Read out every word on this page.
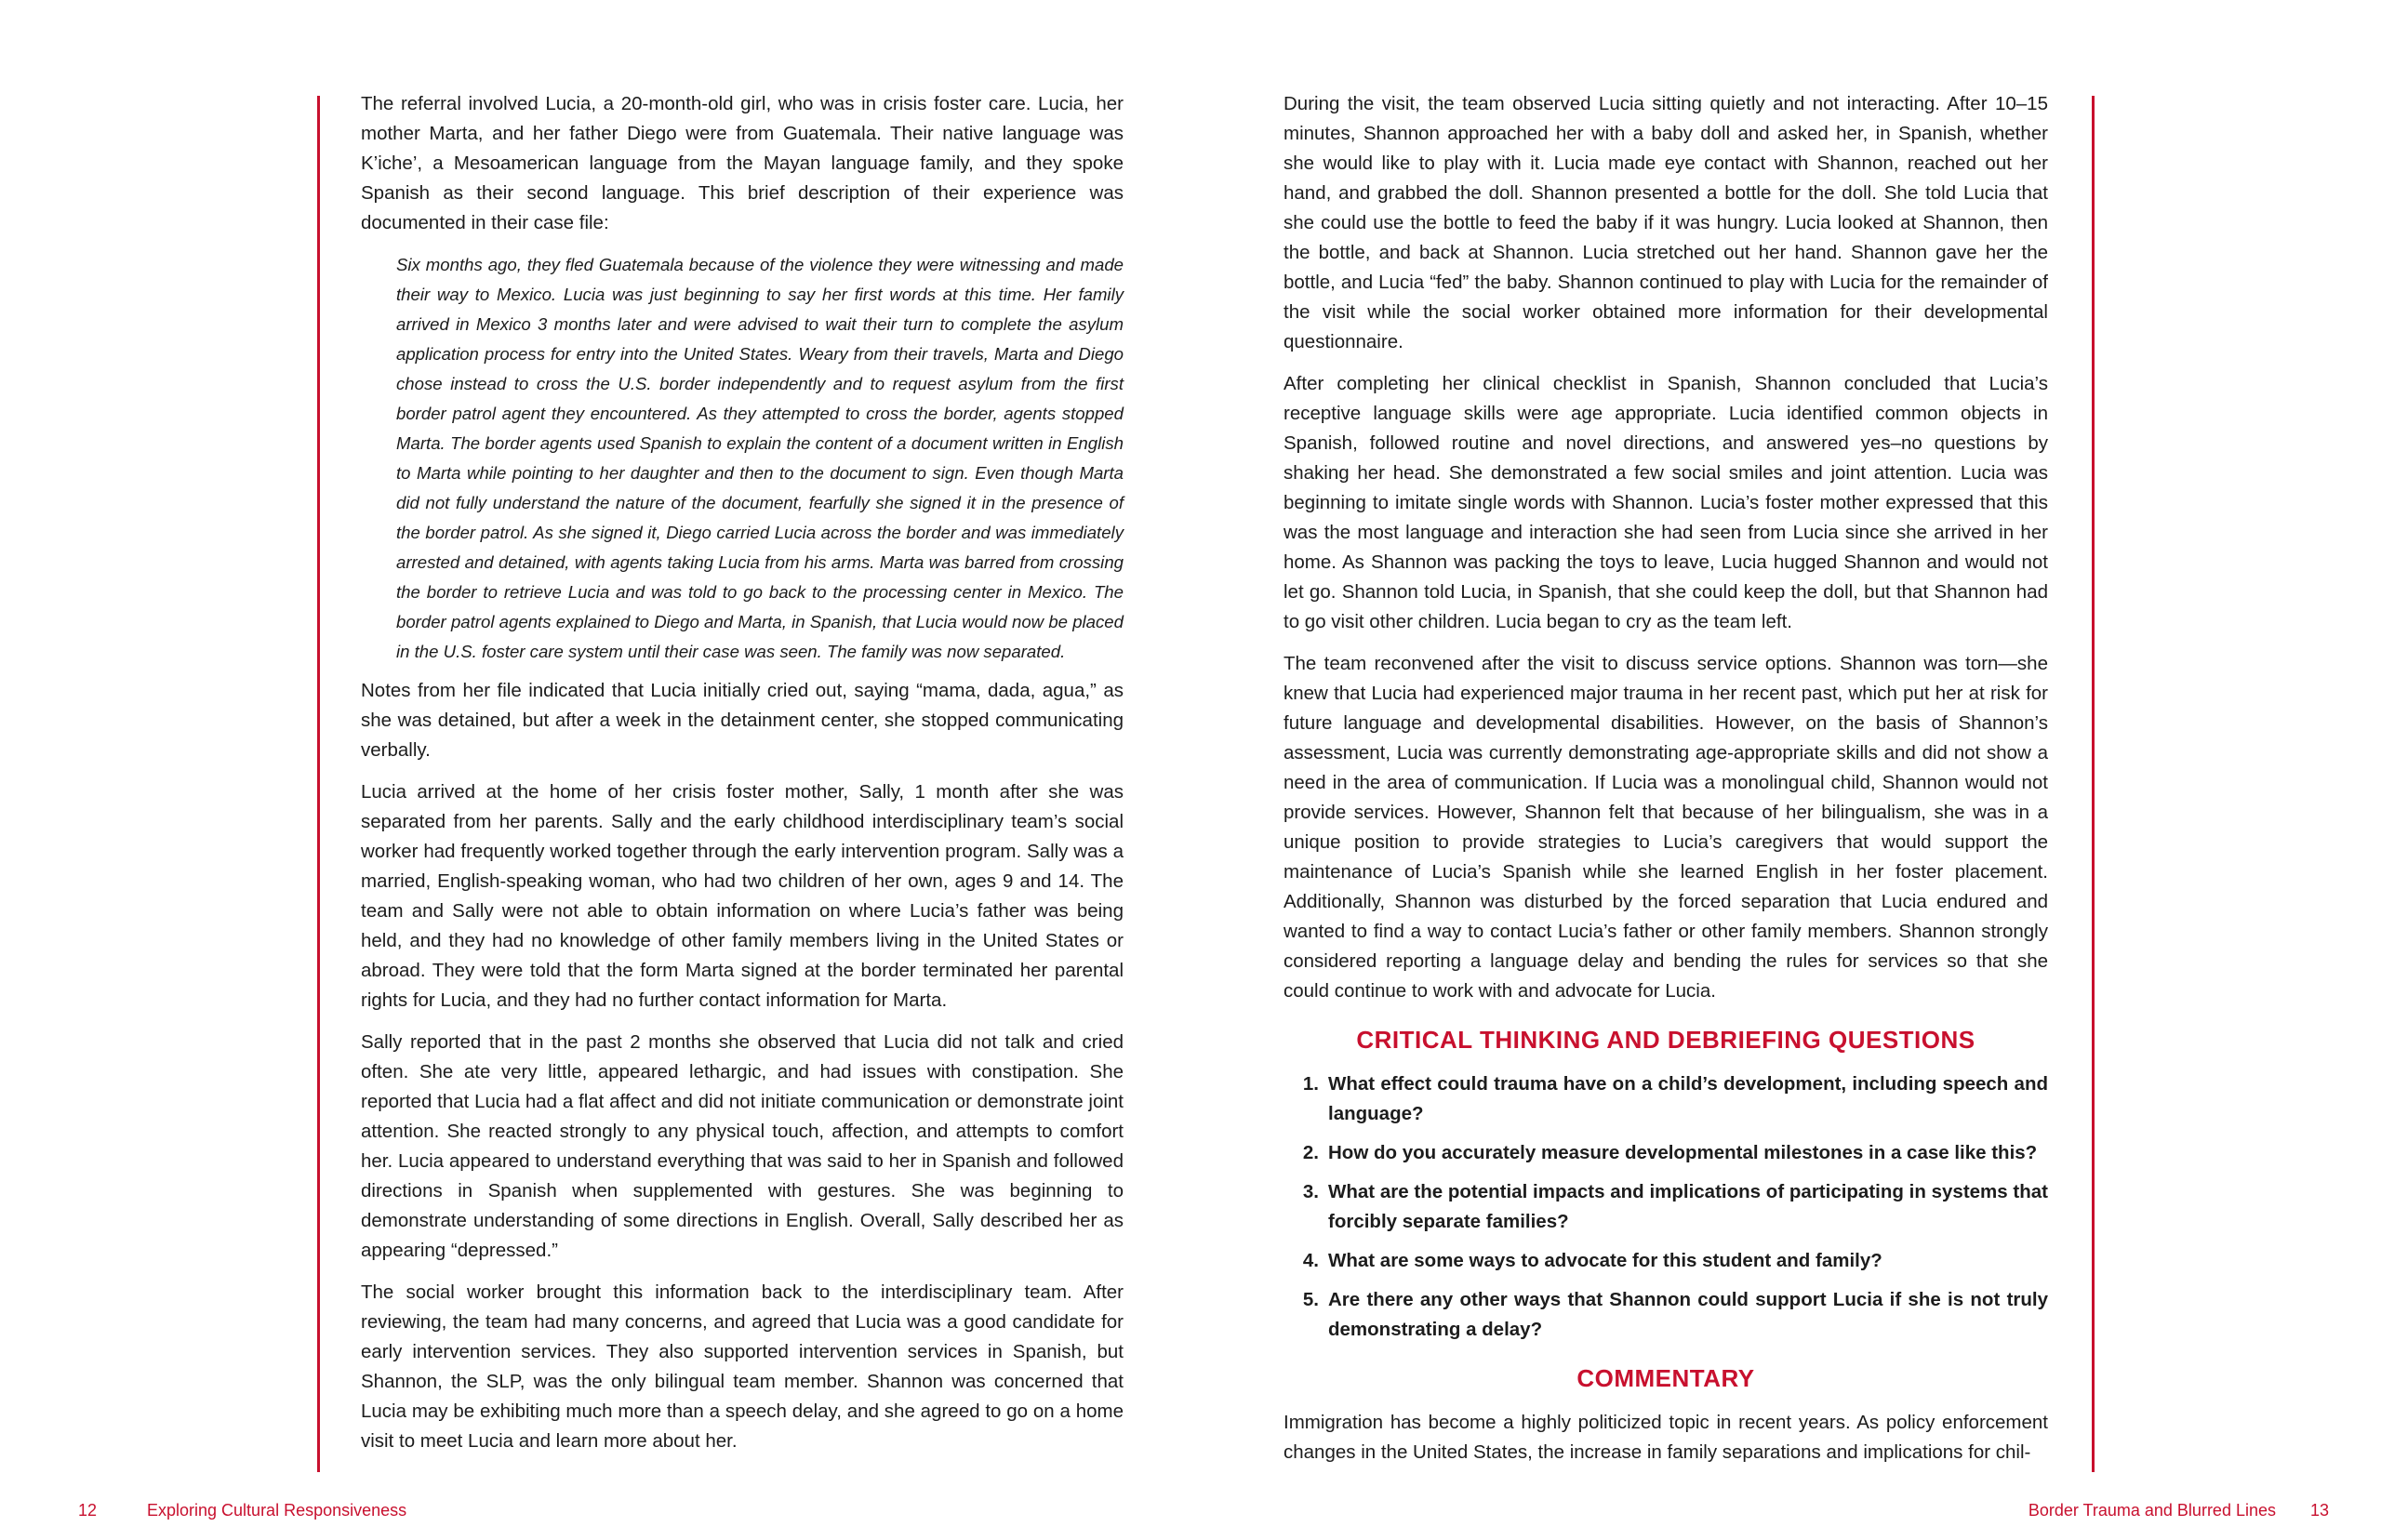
The referral involved Lucia, a 20-month-old girl, who was in crisis foster care. Lucia, her mother Marta, and her father Diego were from Guatemala. Their native language was K’iche’, a Mesoamerican language from the Mayan language family, and they spoke Spanish as their second language. This brief description of their experience was documented in their case file:

Six months ago, they fled Guatemala because of the violence they were witnessing and made their way to Mexico. Lucia was just beginning to say her first words at this time. Her family arrived in Mexico 3 months later and were advised to wait their turn to complete the asylum application process for entry into the United States. Weary from their travels, Marta and Diego chose instead to cross the U.S. border independently and to request asylum from the first border patrol agent they encountered. As they attempted to cross the border, agents stopped Marta. The border agents used Spanish to explain the content of a document written in English to Marta while pointing to her daughter and then to the document to sign. Even though Marta did not fully understand the nature of the document, fearfully she signed it in the presence of the border patrol. As she signed it, Diego carried Lucia across the border and was immediately arrested and detained, with agents taking Lucia from his arms. Marta was barred from crossing the border to retrieve Lucia and was told to go back to the processing center in Mexico. The border patrol agents explained to Diego and Marta, in Spanish, that Lucia would now be placed in the U.S. foster care system until their case was seen. The family was now separated.

Notes from her file indicated that Lucia initially cried out, saying “mama, dada, agua,” as she was detained, but after a week in the detainment center, she stopped communicating verbally.

Lucia arrived at the home of her crisis foster mother, Sally, 1 month after she was separated from her parents. Sally and the early childhood interdisciplinary team’s social worker had frequently worked together through the early intervention program. Sally was a married, English-speaking woman, who had two children of her own, ages 9 and 14. The team and Sally were not able to obtain information on where Lucia’s father was being held, and they had no knowledge of other family members living in the United States or abroad. They were told that the form Marta signed at the border terminated her parental rights for Lucia, and they had no further contact information for Marta.

Sally reported that in the past 2 months she observed that Lucia did not talk and cried often. She ate very little, appeared lethargic, and had issues with constipation. She reported that Lucia had a flat affect and did not initiate communication or demonstrate joint attention. She reacted strongly to any physical touch, affection, and attempts to comfort her. Lucia appeared to understand everything that was said to her in Spanish and followed directions in Spanish when supplemented with gestures. She was beginning to demonstrate understanding of some directions in English. Overall, Sally described her as appearing “depressed.”

The social worker brought this information back to the interdisciplinary team. After reviewing, the team had many concerns, and agreed that Lucia was a good candidate for early intervention services. They also supported intervention services in Spanish, but Shannon, the SLP, was the only bilingual team member. Shannon was concerned that Lucia may be exhibiting much more than a speech delay, and she agreed to go on a home visit to meet Lucia and learn more about her.

During the visit, the team observed Lucia sitting quietly and not interacting. After 10–15 minutes, Shannon approached her with a baby doll and asked her, in Spanish, whether she would like to play with it. Lucia made eye contact with Shannon, reached out her hand, and grabbed the doll. Shannon presented a bottle for the doll. She told Lucia that she could use the bottle to feed the baby if it was hungry. Lucia looked at Shannon, then the bottle, and back at Shannon. Lucia stretched out her hand. Shannon gave her the bottle, and Lucia “fed” the baby. Shannon continued to play with Lucia for the remainder of the visit while the social worker obtained more information for their developmental questionnaire.

After completing her clinical checklist in Spanish, Shannon concluded that Lucia’s receptive language skills were age appropriate. Lucia identified common objects in Spanish, followed routine and novel directions, and answered yes–no questions by shaking her head. She demonstrated a few social smiles and joint attention. Lucia was beginning to imitate single words with Shannon. Lucia’s foster mother expressed that this was the most language and interaction she had seen from Lucia since she arrived in her home. As Shannon was packing the toys to leave, Lucia hugged Shannon and would not let go. Shannon told Lucia, in Spanish, that she could keep the doll, but that Shannon had to go visit other children. Lucia began to cry as the team left.

The team reconvened after the visit to discuss service options. Shannon was torn—she knew that Lucia had experienced major trauma in her recent past, which put her at risk for future language and developmental disabilities. However, on the basis of Shannon’s assessment, Lucia was currently demonstrating age-appropriate skills and did not show a need in the area of communication. If Lucia was a monolingual child, Shannon would not provide services. However, Shannon felt that because of her bilingualism, she was in a unique position to provide strategies to Lucia’s caregivers that would support the maintenance of Lucia’s Spanish while she learned English in her foster placement. Additionally, Shannon was disturbed by the forced separation that Lucia endured and wanted to find a way to contact Lucia’s father or other family members. Shannon strongly considered reporting a language delay and bending the rules for services so that she could continue to work with and advocate for Lucia.

CRITICAL THINKING AND DEBRIEFING QUESTIONS
1. What effect could trauma have on a child’s development, including speech and language?
2. How do you accurately measure developmental milestones in a case like this?
3. What are the potential impacts and implications of participating in systems that forcibly separate families?
4. What are some ways to advocate for this student and family?
5. Are there any other ways that Shannon could support Lucia if she is not truly demonstrating a delay?
COMMENTARY

Immigration has become a highly politicized topic in recent years. As policy enforcement changes in the United States, the increase in family separations and implications for chil-

12	Exploring Cultural Responsiveness	Border Trauma and Blurred Lines 13
